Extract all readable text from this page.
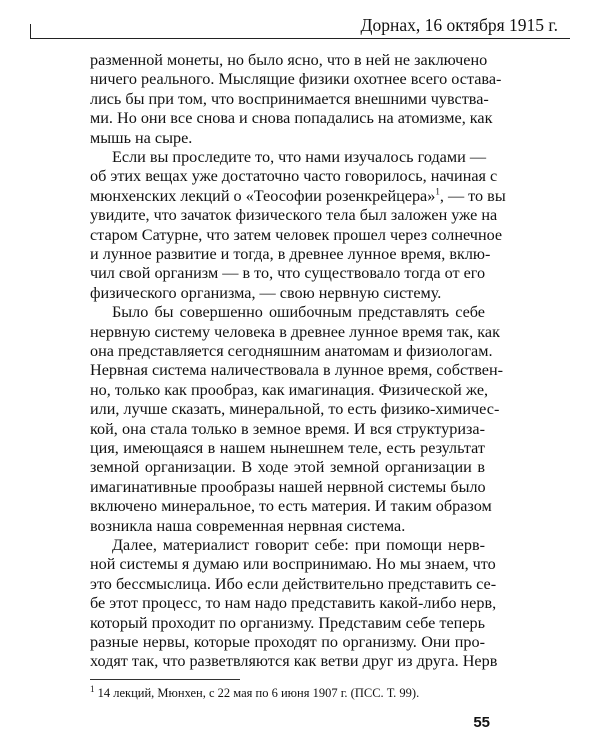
Дорнах, 16 октября 1915 г.
разменной монеты, но было ясно, что в ней не заключено
ничего реального. Мыслящие физики охотнее всего остава-
лись бы при том, что воспринимается внешними чувства-
ми. Но они все снова и снова попадались на атомизме, как
мышь на сыре.
Если вы проследите то, что нами изучалось годами —
об этих вещах уже достаточно часто говорилось, начиная с
мюнхенских лекций о «Теософии розенкрейцера»$^1$, — то вы
увидите, что зачаток физического тела был заложен уже на
старом Сатурне, что затем человек прошел через солнечное
и лунное развитие и тогда, в древнее лунное время, вклю-
чил свой организм — в то, что существовало тогда от его
физического организма, — свою нервную систему.
Было бы совершенно ошибочным представлять себе
нервную систему человека в древнее лунное время так, как
она представляется сегодняшним анатомам и физиологам.
Нервная система наличествовала в лунное время, собствен-
но, только как прообраз, как имагинация. Физической же,
или, лучше сказать, минеральной, то есть физико-химичес-
кой, она стала только в земное время. И вся структуриза-
ция, имеющаяся в нашем нынешнем теле, есть результат
земной организации. В ходе этой земной организации в
имагинативные прообразы нашей нервной системы было
включено минеральное, то есть материя. И таким образом
возникла наша современная нервная система.
Далее, материалист говорит себе: при помощи нерв-
ной системы я думаю или воспринимаю. Но мы знаем, что
это бессмыслица. Ибо если действительно представить се-
бе этот процесс, то нам надо представить какой-либо нерв,
который проходит по организму. Представим себе теперь
разные нервы, которые проходят по организму. Они про-
ходят так, что разветвляются как ветви друг из друга. Нерв
$^1$ 14 лекций, Мюнхен, с 22 мая по 6 июня 1907 г. (ПСС. Т. 99).
55
